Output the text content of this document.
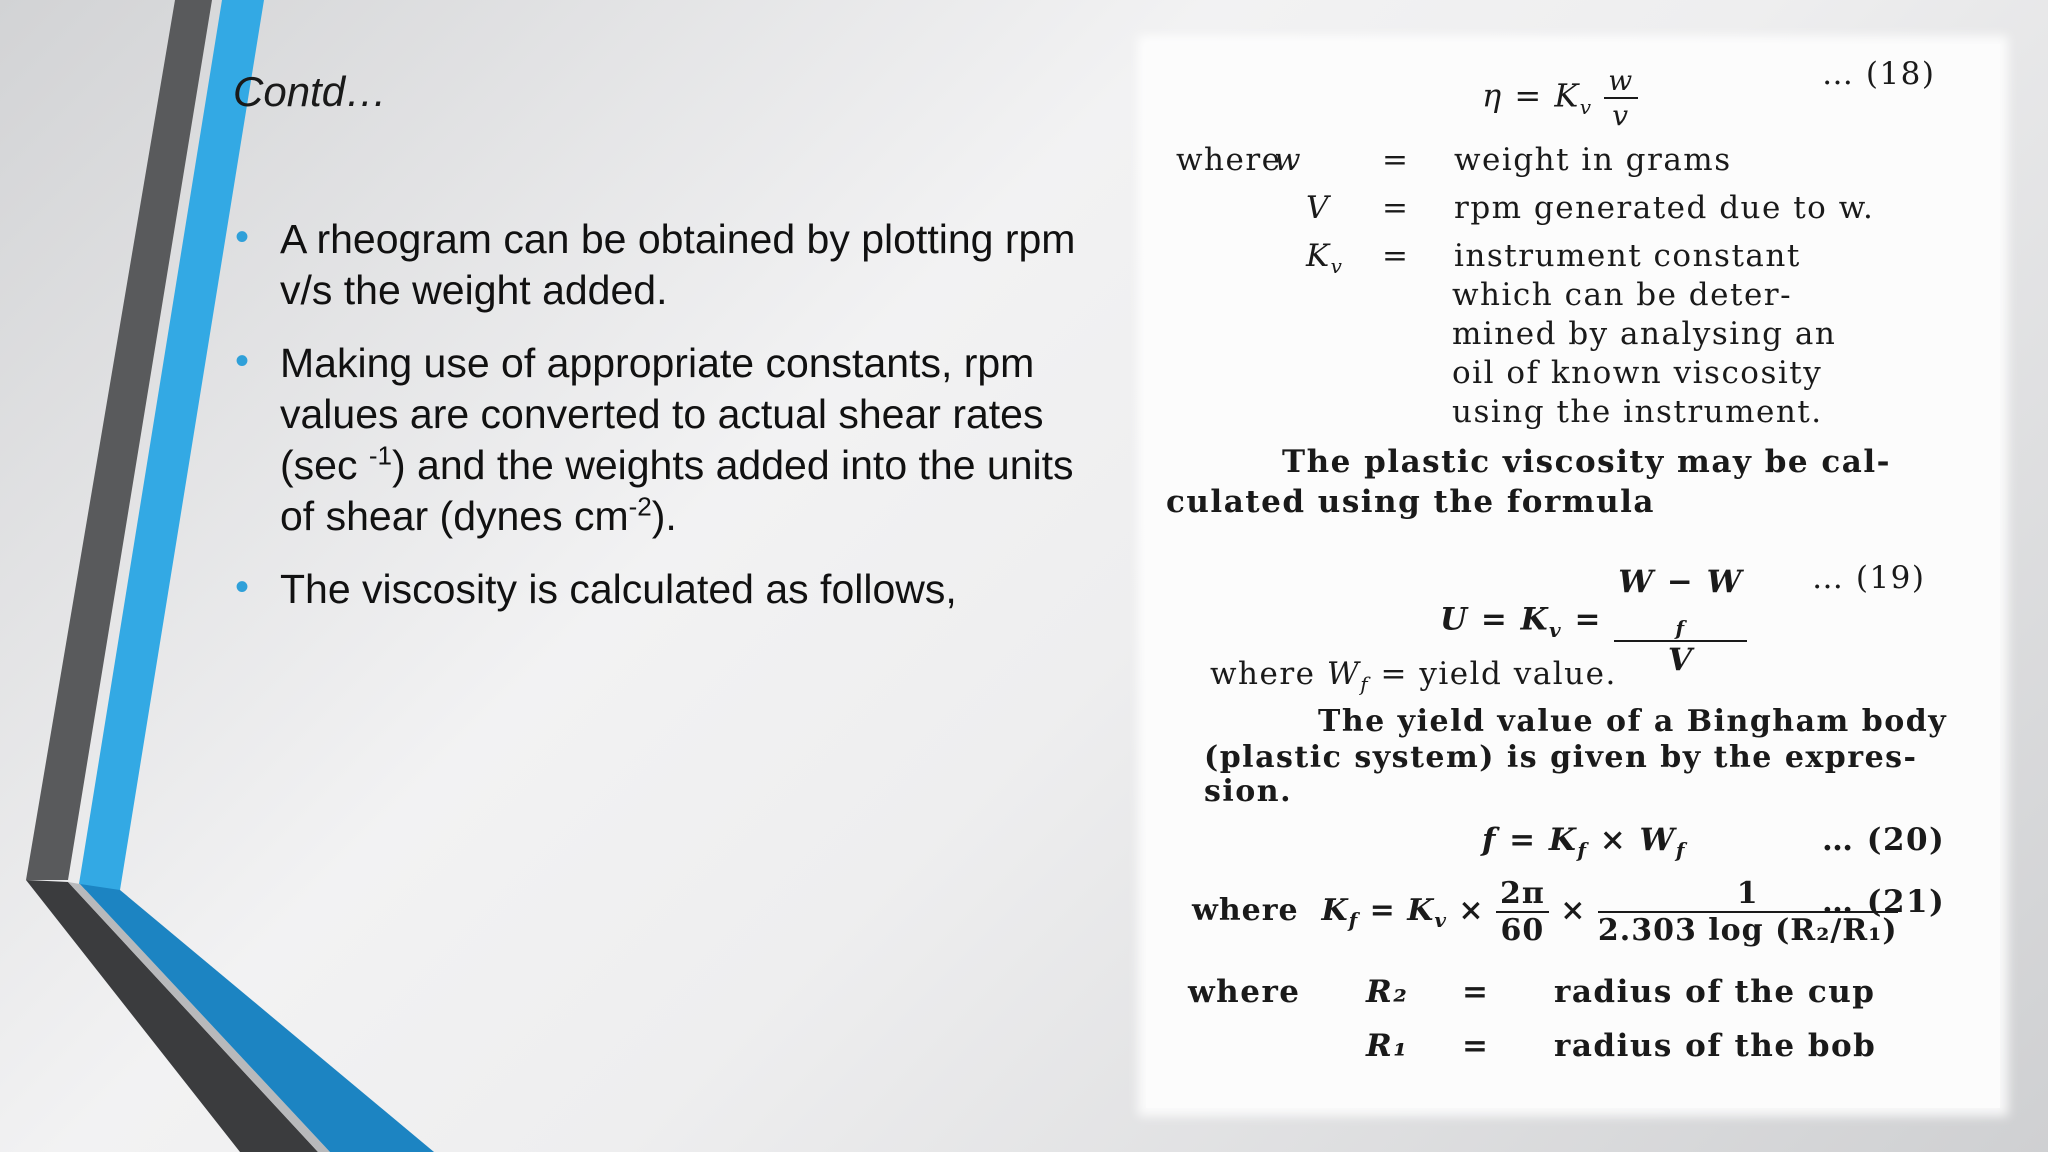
Contd…
• A rheogram can be obtained by plotting rpm v/s the weight added.
• Making use of appropriate constants, rpm values are converted to actual shear rates (sec $^{-1}$) and the weights added into the units of shear (dynes $cm^{-2}$).
• The viscosity is calculated as follows,
$\eta = K_v \frac{w}{v}$	… (18)
where
w	= weight in grams
V = rpm generated due to w.
$K_v$ = instrument constant
which can be deter-
mined by analysing an
oil of known viscosity
using the instrument.
The plastic viscosity may be cal-
culated using the formula
$U = K_v = W - W$
$_f$
V … (19)
where $W_f$ = yield value.
The yield value of a Bingham body
(plastic system) is given by the expres-
sion.
$f = K_f \times W_f$	… (20)
where $K_f = K_v \times \frac{2\pi}{60} \times \frac{1}{\text{2.303 log (R₂/R₁)}}$
… (21)
where R₂ = radius of the cup
R₁ = radius of the bob
